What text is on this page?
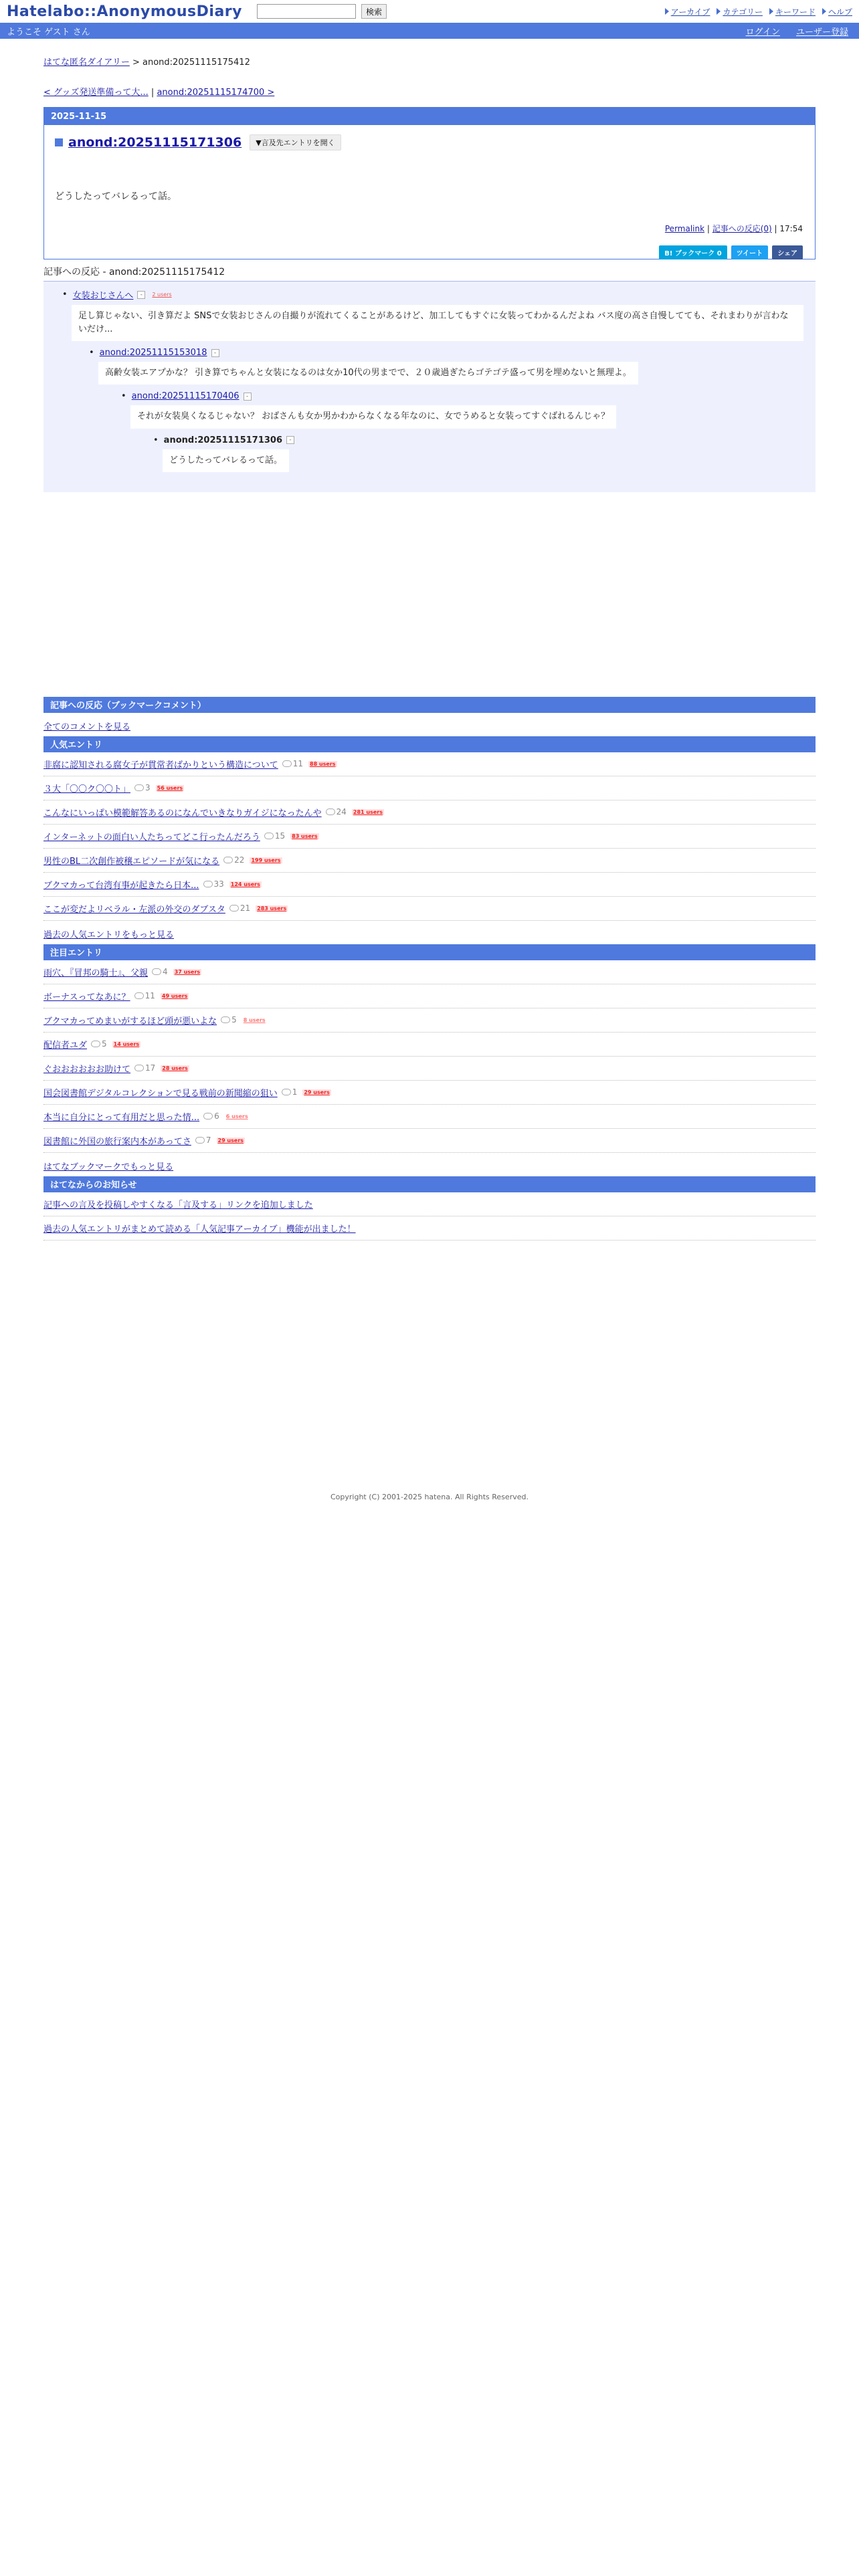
Hatelabo::AnonymousDiary	検索	アーカイブ	カテゴリー	キーワード	ヘルプ
ようこそ ゲスト さん	ログイン ユーザー登録
はてな匿名ダイアリー > anond:20251115175412
< グッズ発送準備って大... | anond:20251115174700 >
2025-11-15
anond:20251115171306	▼言及先エントリを開く
どうしたってバレるって話。
Permalink | 記事への反応(0) | 17:54
B! ブックマーク 0	ツイート	シェア
記事への反応 - anond:20251115175412
• 女装おじさんへ	-	2 users
足し算じゃない、引き算だよ SNSで女装おじさんの自撮りが流れてくることがあるけど、加工してもすぐに女装ってわかるんだよね バス度の高さ自慢してても、それまわりが言わないだけ...
• anond:20251115153018	-
高齢女装エアプかな？ 引き算でちゃんと女装になるのは女か10代の男までで、２０歳過ぎたらゴテゴテ盛って男を埋めないと無理よ。
• anond:20251115170406	-
それが女装臭くなるじゃない？ おばさんも女か男かわからなくなる年なのに、女でうめると女装ってすぐばれるんじゃ？
• anond:20251115171306	-
どうしたってバレるって話。
記事への反応（ブックマークコメント）
全てのコメントを見る
人気エントリ
非腐に認知される腐女子が貫常者ばかりという構造について 11 88 users
３大「〇〇ク〇〇ト」 3 56 users
こんなにいっぱい模範解答あるのになんでいきなりガイジになったんや 24 281 users
インターネットの面白い人たちってどこ行ったんだろう 15 83 users
男性のBL二次創作被穣エピソードが気になる 22 199 users
ブクマカって台湾有事が起きたら日本... 33 124 users
ここが変だよリベラル・左派の外交のダブスタ 21 283 users
過去の人気エントリをもっと見る
注目エントリ
雨穴、『冒邦の騎士』、父親 4 37 users
ボーナスってなあに？ 11 49 users
ブクマカってめまいがするほど頭が悪いよな 5 8 users
配信者ユダ 5 14 users
ぐおおおおおお助けて 17 28 users
国会図書館デジタルコレクションで見る戦前の新聞縮の狙い 1 29 users
本当に自分にとって有用だと思った情... 6 6 users
図書館に外国の旅行案内本があってさ 7 29 users
はてなブックマークでもっと見る
はてなからのお知らせ
記事への言及を投稿しやすくなる「言及する」リンクを追加しました
過去の人気エントリがまとめて読める「人気記事アーカイブ」機能が出ました！
Copyright (C) 2001-2025 hatena. All Rights Reserved.
